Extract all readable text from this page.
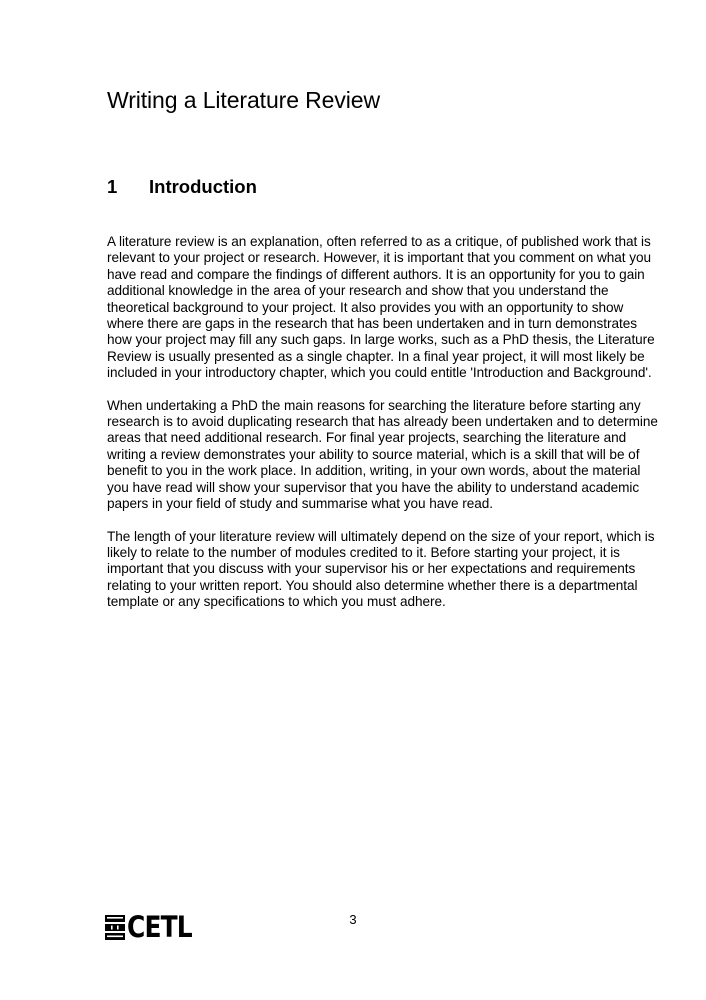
Writing a Literature Review
1 Introduction

A literature review is an explanation, often referred to as a critique, of published work that is relevant to your project or research. However, it is important that you comment on what you have read and compare the findings of different authors. It is an opportunity for you to gain additional knowledge in the area of your research and show that you understand the theoretical background to your project. It also provides you with an opportunity to show where there are gaps in the research that has been undertaken and in turn demonstrates how your project may fill any such gaps. In large works, such as a PhD thesis, the Literature Review is usually presented as a single chapter. In a final year project, it will most likely be included in your introductory chapter, which you could entitle 'Introduction and Background'.

When undertaking a PhD the main reasons for searching the literature before starting any research is to avoid duplicating research that has already been undertaken and to determine areas that need additional research. For final year projects, searching the literature and writing a review demonstrates your ability to source material, which is a skill that will be of benefit to you in the work place. In addition, writing, in your own words, about the material you have read will show your supervisor that you have the ability to understand academic papers in your field of study and summarise what you have read.

The length of your literature review will ultimately depend on the size of your report, which is likely to relate to the number of modules credited to it. Before starting your project, it is important that you discuss with your supervisor his or her expectations and requirements relating to your written report. You should also determine whether there is a departmental template or any specifications to which you must adhere.

CETL	3
